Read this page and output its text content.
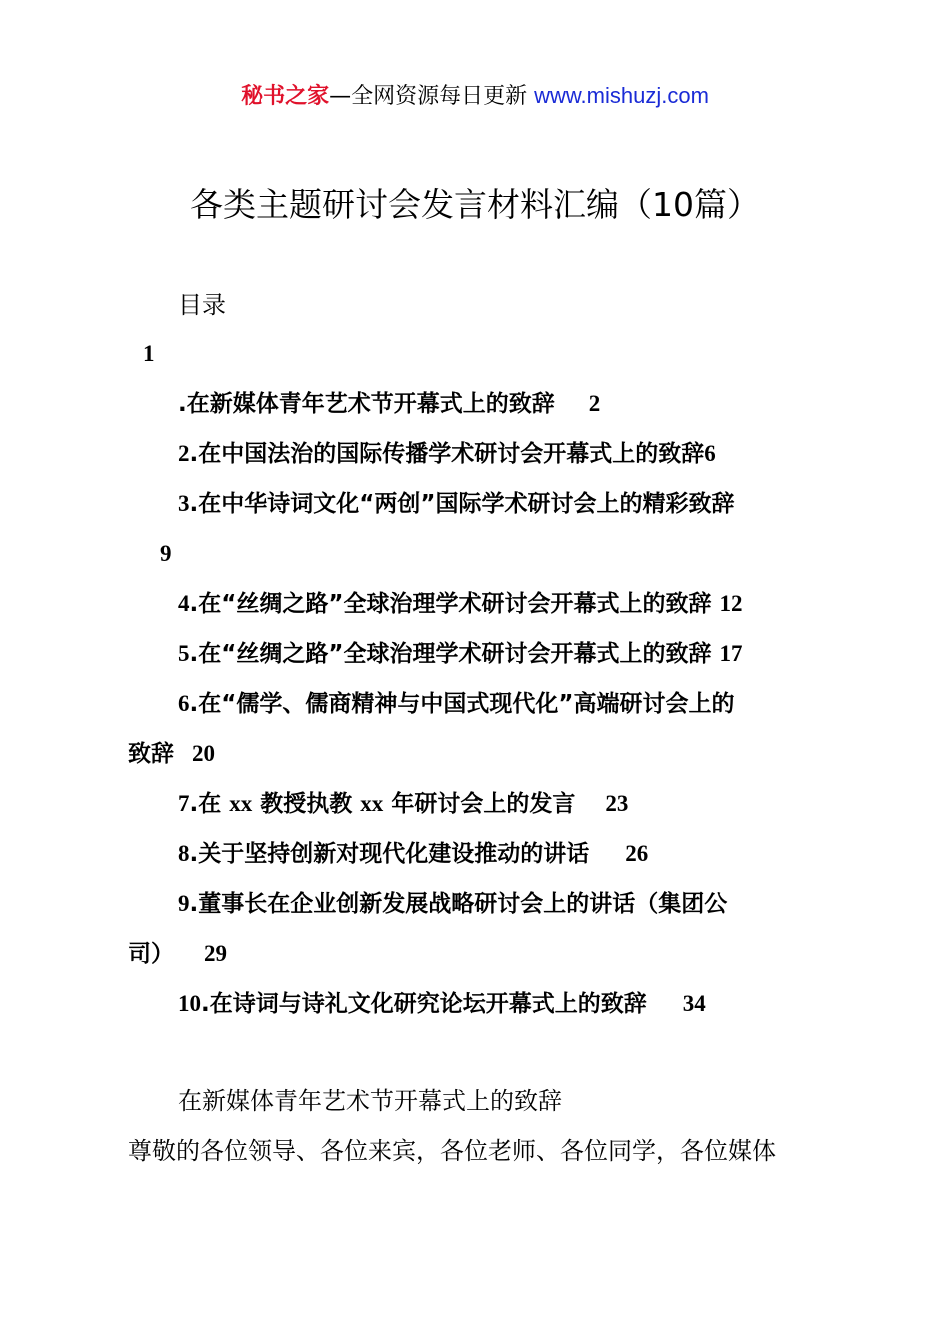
秘书之家—全网资源每日更新 www.mishuzj.com
各类主题研讨会发言材料汇编（10篇）
目录
1
.在新媒体青年艺术节开幕式上的致辞 2
2.在中国法治的国际传播学术研讨会开幕式上的致辞6
3.在中华诗词文化“两创”国际学术研讨会上的精彩致辞
9
4.在“丝绸之路”全球治理学术研讨会开幕式上的致辞 12
5.在“丝绸之路”全球治理学术研讨会开幕式上的致辞 17
6.在“儒学、儒商精神与中国式现代化”高端研讨会上的
致辞 20
7.在 xx 教授执教 xx 年研讨会上的发言 23
8.关于坚持创新对现代化建设推动的讲话 26
9.董事长在企业创新发展战略研讨会上的讲话（集团公
司） 29
10.在诗词与诗礼文化研究论坛开幕式上的致辞 34
在新媒体青年艺术节开幕式上的致辞
尊敬的各位领导、各位来宾，各位老师、各位同学，各位媒体
